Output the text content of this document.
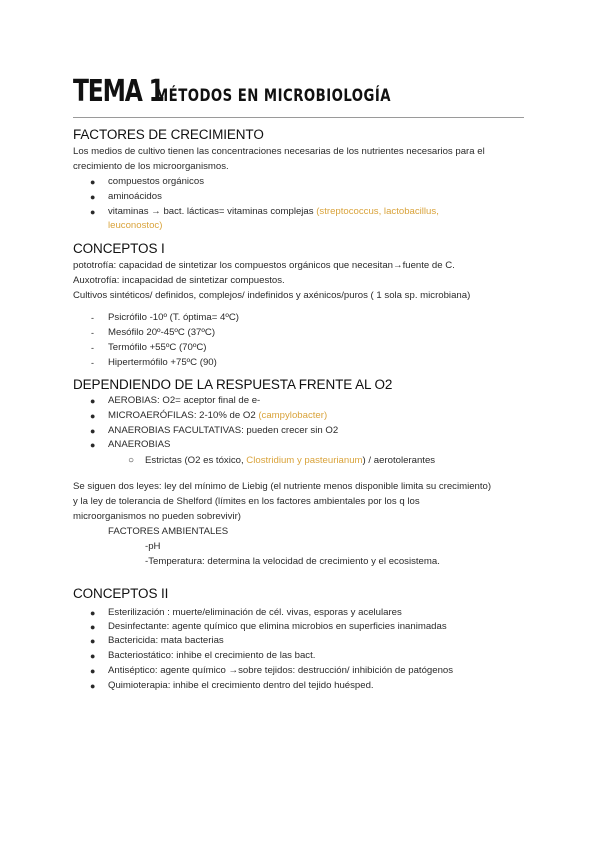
TEMA 1
MÉTODOS EN MICROBIOLOGÍA
FACTORES DE CRECIMIENTO

Los medios de cultivo tienen las concentraciones necesarias de los nutrientes necesarios para el

crecimiento de los microorganismos.

● compuestos orgánicos

● aminoácidos

● vitaminas → bact. lácticas= vitaminas complejas (streptococcus, lactobacillus,

leuconostoc)

CONCEPTOS I

pototrofía: capacidad de sintetizar los compuestos orgánicos que necesitan→fuente de C.

Auxotrofía: incapacidad de sintetizar compuestos.

Cultivos sintéticos/ definidos, complejos/ indefinidos y axénicos/puros ( 1 sola sp. microbiana)

- Psicrófilo -10º (T. óptima= 4ºC)

- Mesófilo 20º-45ºC (37ºC)

- Termófilo +55ºC (70ºC)

- Hipertermófilo +75ºC (90)

DEPENDIENDO DE LA RESPUESTA FRENTE AL O2
● AEROBIAS: O2= aceptor final de e-

● MICROAERÓFILAS: 2-10% de O2 (campylobacter)

● ANAEROBIAS FACULTATIVAS: pueden crecer sin O2

● ANAEROBIAS

○ Estrictas (O2 es tóxico, Clostridium y pasteurianum) / aerotolerantes

Se siguen dos leyes: ley del mínimo de Liebig (el nutriente menos disponible limita su crecimiento)

y la ley de tolerancia de Shelford (límites en los factores ambientales por los q los

microorganismos no pueden sobrevivir)

FACTORES AMBIENTALES

-pH

-Temperatura: determina la velocidad de crecimiento y el ecosistema.

CONCEPTOS II
● Esterilización : muerte/eliminación de cél. vivas, esporas y acelulares

● Desinfectante: agente químico que elimina microbios en superficies inanimadas

● Bactericida: mata bacterias

● Bacteriostático: inhibe el crecimiento de las bact.

● Antiséptico: agente químico →sobre tejidos: destrucción/ inhibición de patógenos

● Quimioterapia: inhibe el crecimiento dentro del tejido huésped.
